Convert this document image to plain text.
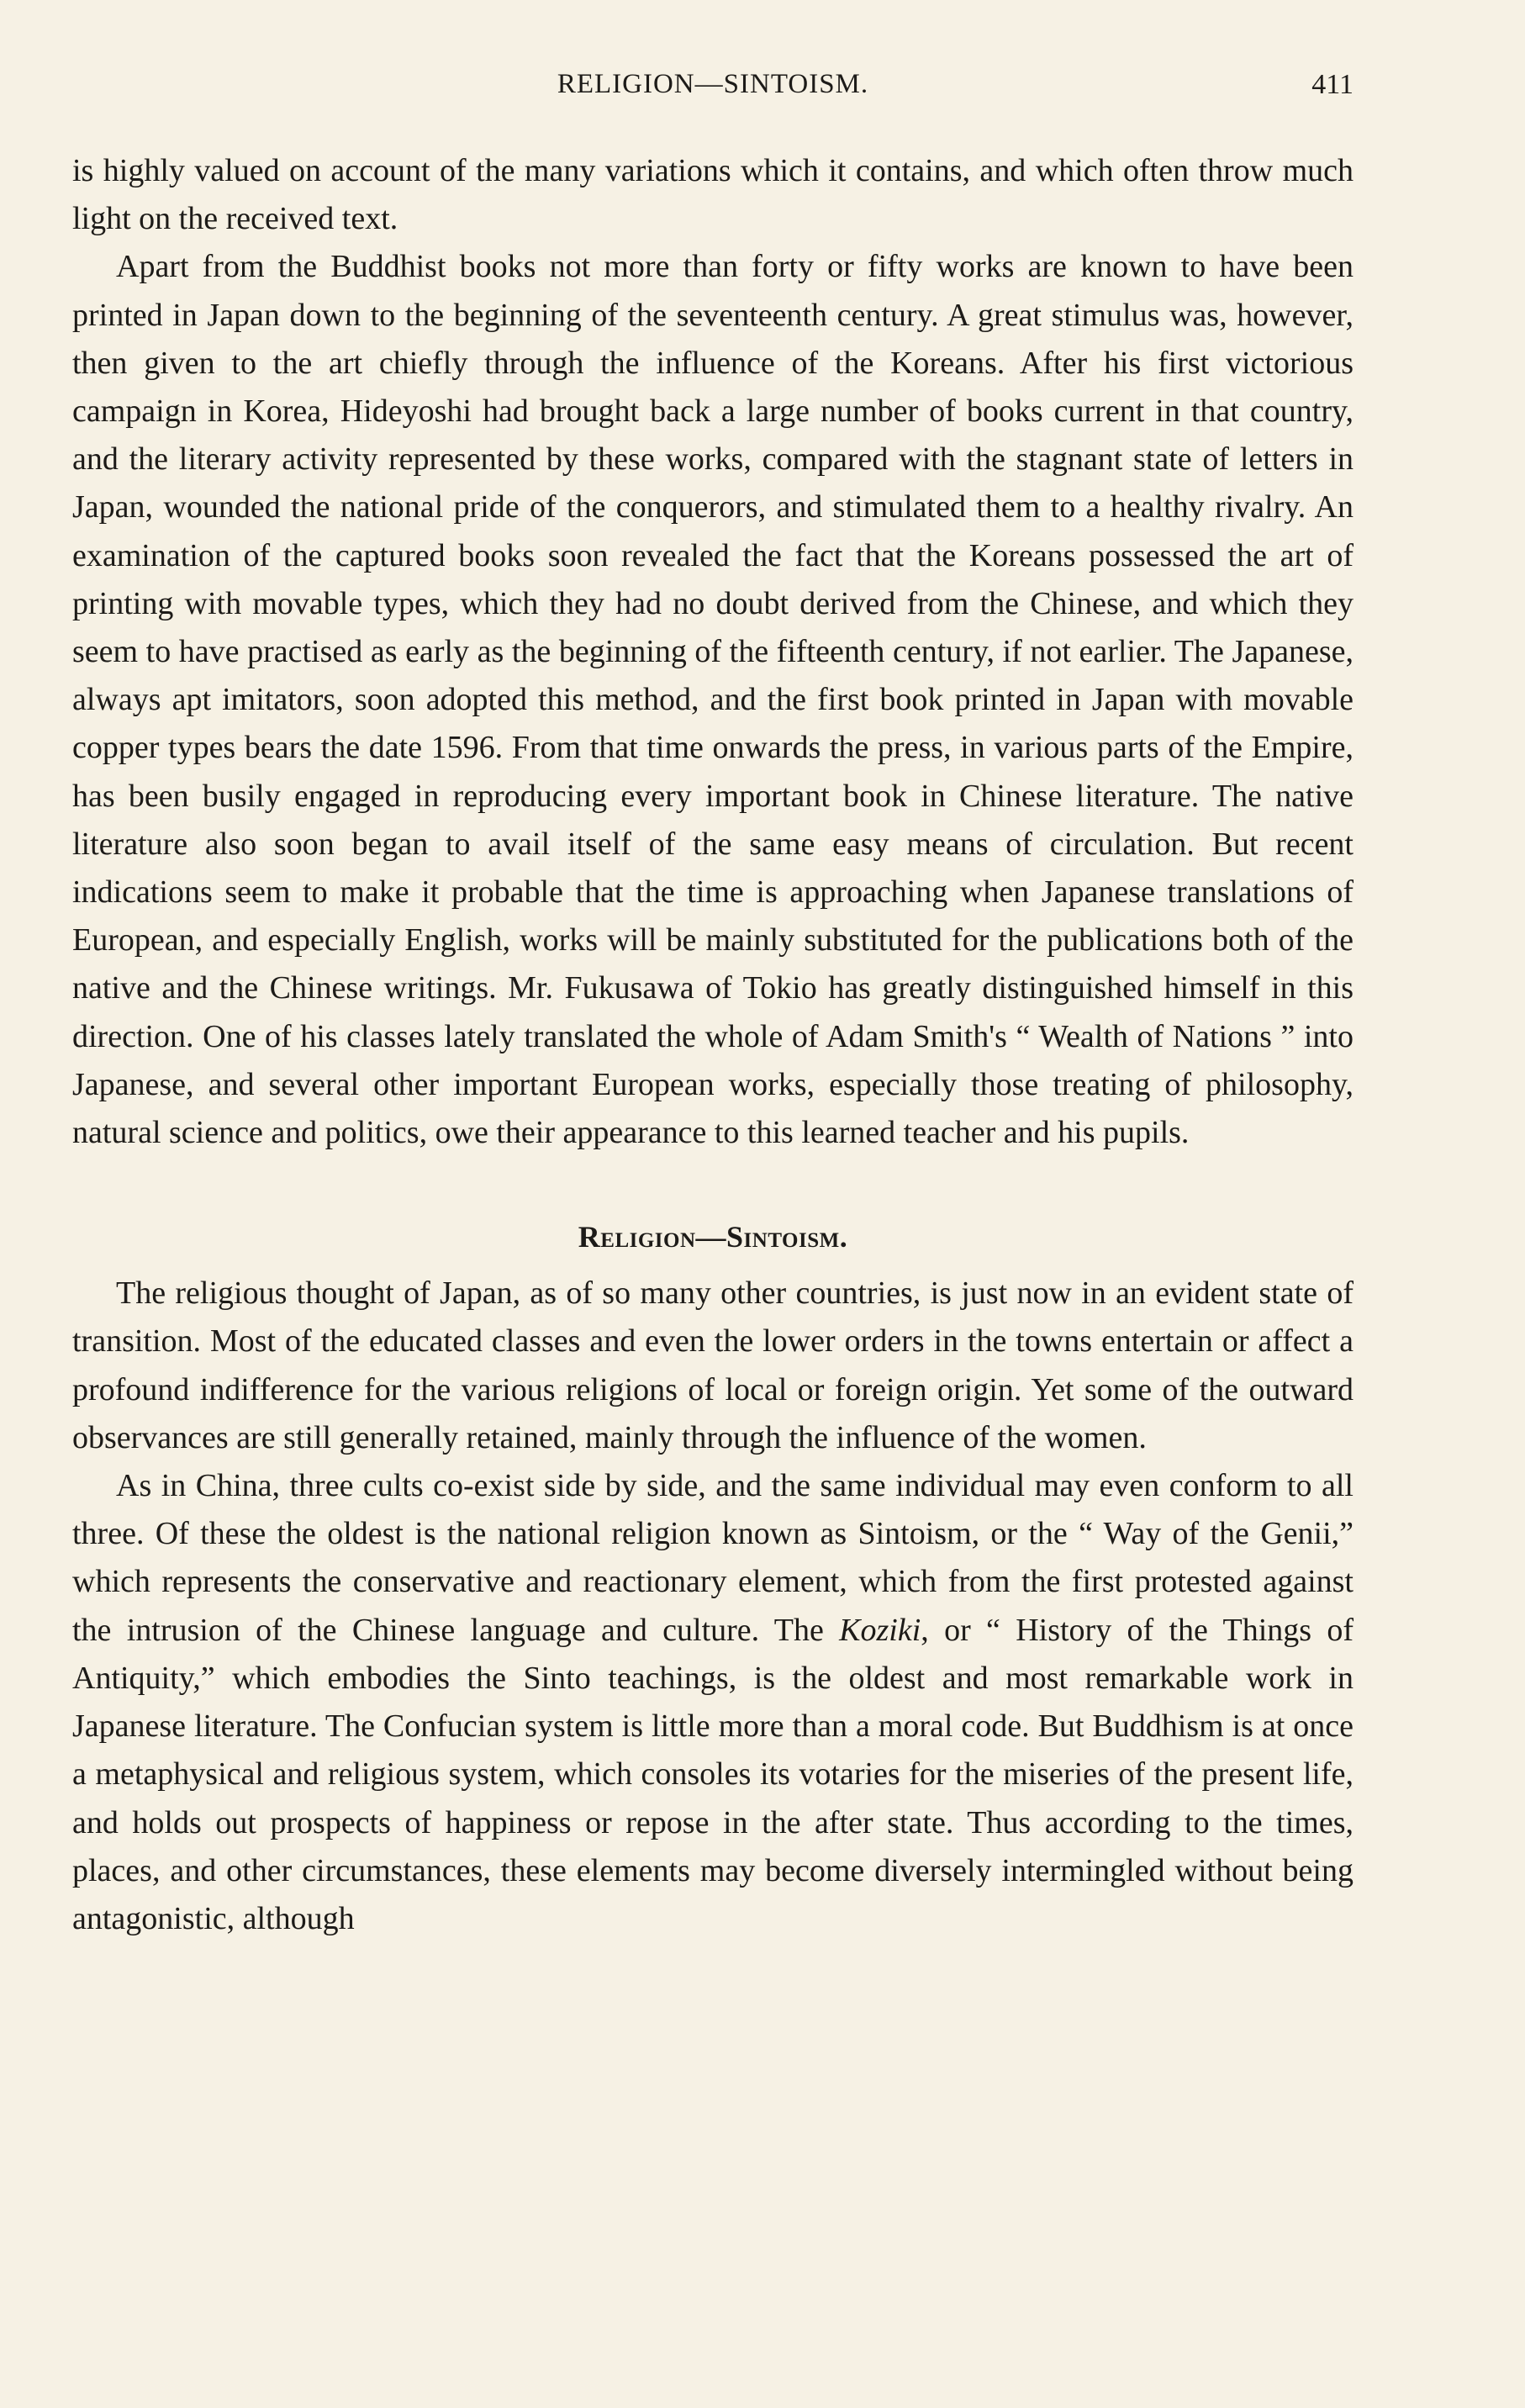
RELIGION—SINTOISM.	411

is highly valued on account of the many variations which it contains, and which often throw much light on the received text.

Apart from the Buddhist books not more than forty or fifty works are known to have been printed in Japan down to the beginning of the seventeenth century. A great stimulus was, however, then given to the art chiefly through the influence of the Koreans. After his first victorious campaign in Korea, Hideyoshi had brought back a large number of books current in that country, and the literary activity represented by these works, compared with the stagnant state of letters in Japan, wounded the national pride of the conquerors, and stimulated them to a healthy rivalry. An examination of the captured books soon revealed the fact that the Koreans possessed the art of printing with movable types, which they had no doubt derived from the Chinese, and which they seem to have practised as early as the beginning of the fifteenth century, if not earlier. The Japanese, always apt imitators, soon adopted this method, and the first book printed in Japan with movable copper types bears the date 1596. From that time onwards the press, in various parts of the Empire, has been busily engaged in reproducing every important book in Chinese literature. The native literature also soon began to avail itself of the same easy means of circulation. But recent indications seem to make it probable that the time is approaching when Japanese translations of European, and especially English, works will be mainly substituted for the publications both of the native and the Chinese writings. Mr. Fukusawa of Tokio has greatly distinguished himself in this direction. One of his classes lately translated the whole of Adam Smith's “ Wealth of Nations ” into Japanese, and several other important European works, especially those treating of philosophy, natural science and politics, owe their appearance to this learned teacher and his pupils.

Religion—Sintoism.

The religious thought of Japan, as of so many other countries, is just now in an evident state of transition. Most of the educated classes and even the lower orders in the towns entertain or affect a profound indifference for the various religions of local or foreign origin. Yet some of the outward observances are still generally retained, mainly through the influence of the women.

As in China, three cults co-exist side by side, and the same individual may even conform to all three. Of these the oldest is the national religion known as Sintoism, or the “ Way of the Genii,” which represents the conservative and reactionary element, which from the first protested against the intrusion of the Chinese language and culture. The Koziki, or “ History of the Things of Antiquity,” which embodies the Sinto teachings, is the oldest and most remarkable work in Japanese literature. The Confucian system is little more than a moral code. But Buddhism is at once a metaphysical and religious system, which consoles its votaries for the miseries of the present life, and holds out prospects of happiness or repose in the after state. Thus according to the times, places, and other circumstances, these elements may become diversely intermingled without being antagonistic, although
